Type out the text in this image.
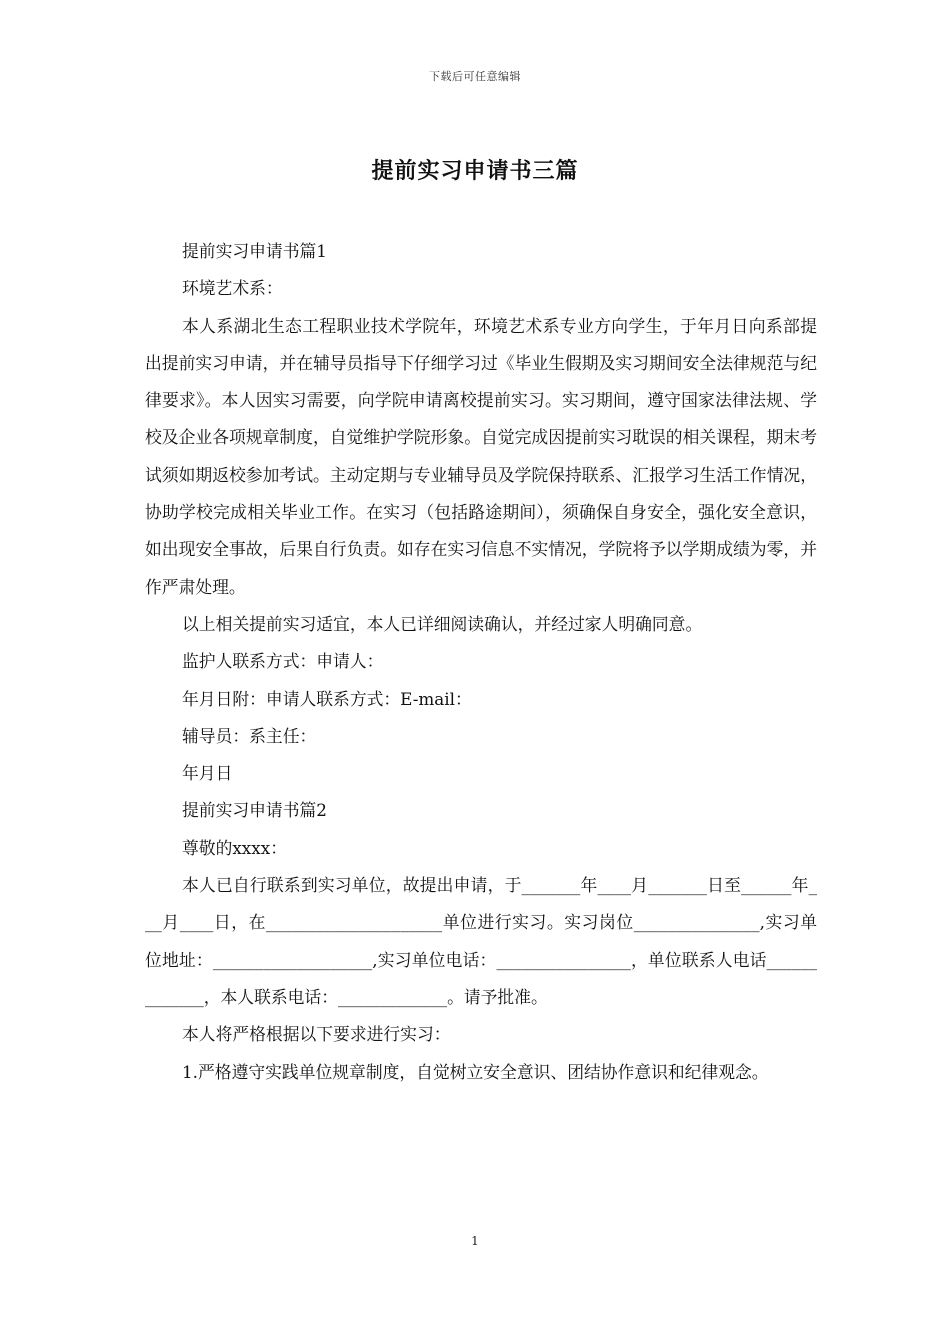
下载后可任意编辑
提前实习申请书三篇

提前实习申请书篇1

环境艺术系：

本人系湖北生态工程职业技术学院年，环境艺术系专业方向学生，于年月日向系部提出提前实习申请，并在辅导员指导下仔细学习过《毕业生假期及实习期间安全法律规范与纪律要求》。本人因实习需要，向学院申请离校提前实习。实习期间，遵守国家法律法规、学校及企业各项规章制度，自觉维护学院形象。自觉完成因提前实习耽误的相关课程，期末考试须如期返校参加考试。主动定期与专业辅导员及学院保持联系、汇报学习生活工作情况，协助学校完成相关毕业工作。在实习（包括路途期间），须确保自身安全，强化安全意识，如出现安全事故，后果自行负责。如存在实习信息不实情况，学院将予以学期成绩为零，并作严肃处理。

以上相关提前实习适宜，本人已详细阅读确认，并经过家人明确同意。

监护人联系方式：申请人：

年月日附：申请人联系方式：E-mail：

辅导员：系主任：

年月日

提前实习申请书篇2

尊敬的xxxx：

本人已自行联系到实习单位，故提出申请，于_______年____月_______日至______年___月____日，在_____________________单位进行实习。实习岗位_______________,实习单位地址：___________________,实习单位电话：________________，单位联系人电话_____________，本人联系电话：_____________。请予批准。

本人将严格根据以下要求进行实习：

1.严格遵守实践单位规章制度，自觉树立安全意识、团结协作意识和纪律观念。

1
